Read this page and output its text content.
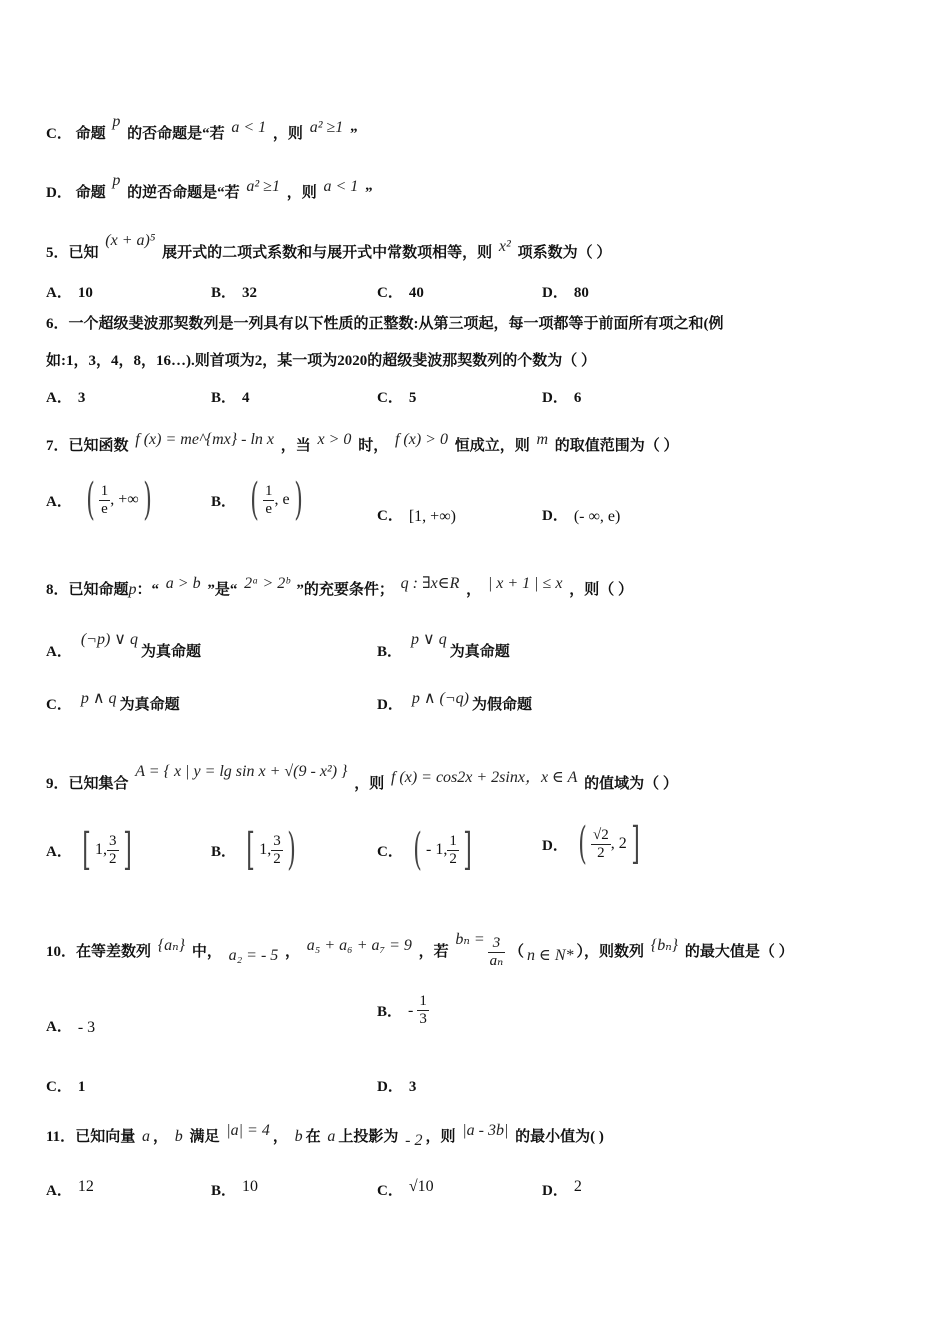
C． 命题 p 的否命题是“若 a < 1 ，则 a² ≥1 ”
D． 命题 p 的逆否命题是“若 a² ≥1 ，则 a < 1 ”
5．已知 (x + a)⁵ 展开式的二项式系数和与展开式中常数项相等，则 x² 项系数为（ ）
A． 10	B． 32	C． 40	D． 80
6．一个超级斐波那契数列是一列具有以下性质的正整数:从第三项起，每一项都等于前面所有项之和(例
如:1，3，4，8，16…).则首项为2，某一项为2020的超级斐波那契数列的个数为（ ）
A． 3	B． 4	C． 5	D． 6
7．已知函数 f (x) = me^{mx} - ln x ，当 x > 0 时， f (x) > 0 恒成立，则 m 的取值范围为（ ）
A． ( $\frac{1}{e}$ , +∞)	B． ( $\frac{1}{e}$ , e)	C． [1, +∞)	D． (- ∞, e)
8．已知命题p：“ a > b ”是“ 2ᵃ > 2ᵇ ”的充要条件； q : ∃x∈R ， | x + 1 | ≤ x ，则（ ）
A．(¬p) ∨ q为真命题	B．p ∨ q为真命题
C． p ∧ q 为真命题	D． p ∧ (¬q) 为假命题
9．已知集合 A = { x | y = lg sin x + √(9 - x²) } ，则 f (x) = cos2x + 2sinx，x ∈ A 的值域为（ ）
A． [ 1, $\frac{3}{2}$ ]	B． [ 1, $\frac{3}{2}$ )	C． ( - 1, $\frac{1}{2}$ ]	D． ( $\frac{√2}{2}$ , 2]
10．在等差数列 {aₙ} 中， a₂ = - 5 ， a₅ + a₆ + a₇ = 9 ，若 $b_n = \frac{3}{\text{aₙ}}$ （ n ∈ N* ），则数列 {bₙ} 的最大值是（ ）
A． - 3
B． - $\frac{1}{3}$
C． 1	D． 3
11．已知向量 a ， b 满足 |a| = 4 ， b 在 a 上投影为 - 2 ，则 |a - 3b| 的最小值为( )
A． 12	B． 10	C． √10	D． 2
